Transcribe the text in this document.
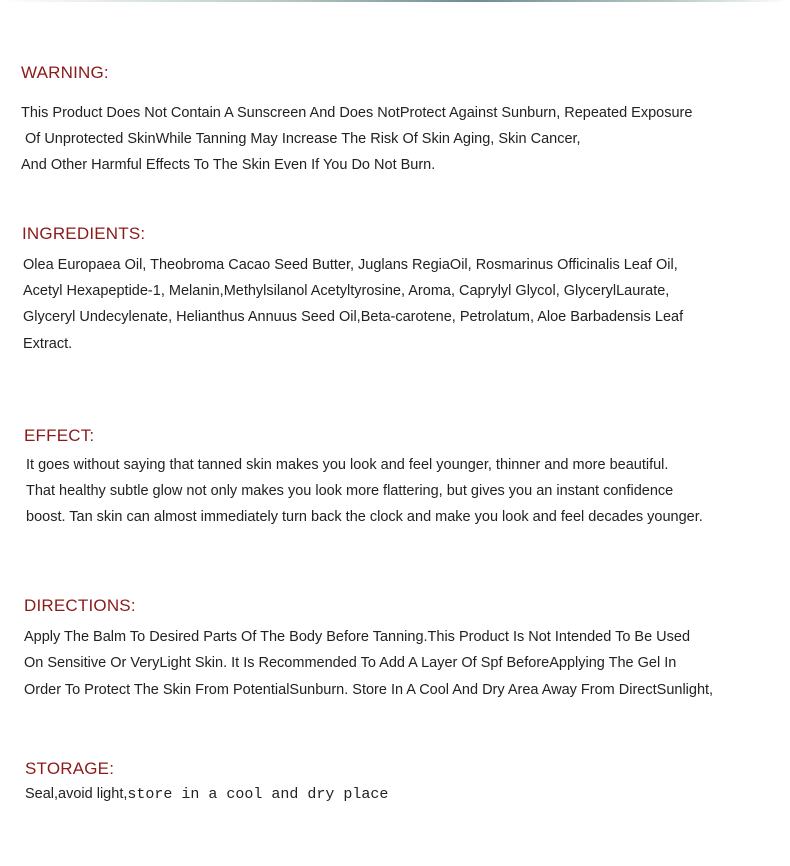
WARNING:
This Product Does Not Contain A Sunscreen And Does NotProtect Against Sunburn, Repeated Exposure
Of Unprotected SkinWhile Tanning May Increase The Risk Of Skin Aging, Skin Cancer,
And Other Harmful Effects To The Skin Even If You Do Not Burn.
INGREDIENTS:
Olea Europaea Oil, Theobroma Cacao Seed Butter, Juglans RegiaOil, Rosmarinus Officinalis Leaf Oil,
Acetyl Hexapeptide-1, Melanin,Methylsilanol Acetyltyrosine, Aroma, Caprylyl Glycol, GlycerylLaurate,
Glyceryl Undecylenate, Helianthus Annuus Seed Oil,Beta-carotene, Petrolatum, Aloe Barbadensis Leaf
Extract.
EFFECT:
It goes without saying that tanned skin makes you look and feel younger, thinner and more beautiful.
That healthy subtle glow not only makes you look more flattering, but gives you an instant confidence
boost. Tan skin can almost immediately turn back the clock and make you look and feel decades younger.
DIRECTIONS:
Apply The Balm To Desired Parts Of The Body Before Tanning.This Product Is Not Intended To Be Used
On Sensitive Or VeryLight Skin. It Is Recommended To Add A Layer Of Spf BeforeApplying The Gel In
Order To Protect The Skin From PotentialSunburn. Store In A Cool And Dry Area Away From DirectSunlight,
STORAGE:
Seal,avoid light,store in a cool and dry place
